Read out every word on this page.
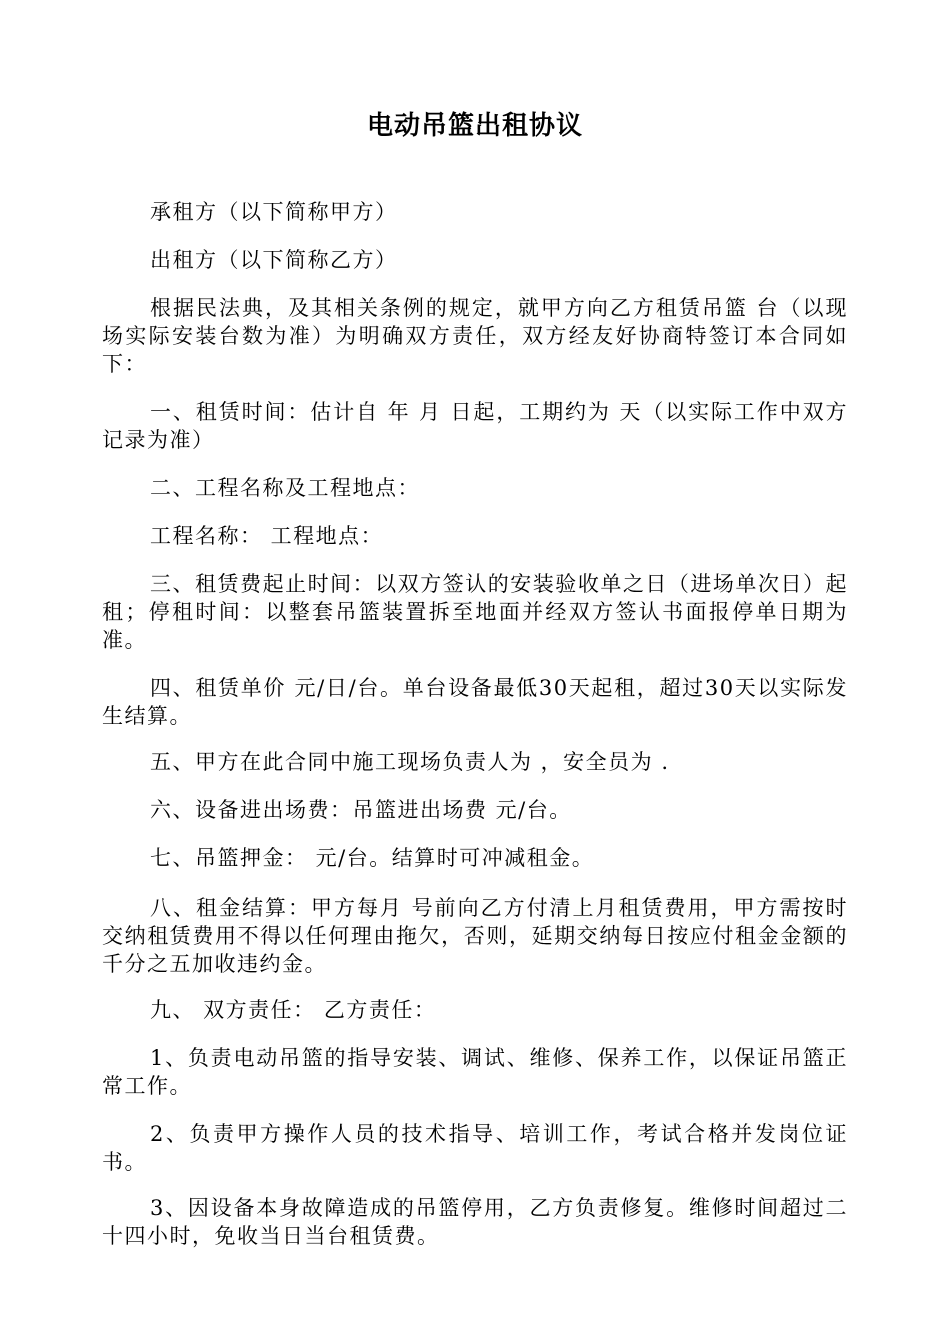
电动吊篮出租协议

承租方（以下简称甲方）

出租方（以下简称乙方）

根据民法典，及其相关条例的规定，就甲方向乙方租赁吊篮 台（以现场实际安装台数为准）为明确双方责任，双方经友好协商特签订本合同如下：

一、租赁时间：估计自 年 月 日起，工期约为 天（以实际工作中双方记录为准）

二、工程名称及工程地点：

工程名称： 工程地点：

三、租赁费起止时间：以双方签认的安装验收单之日（进场单次日）起租；停租时间：以整套吊篮装置拆至地面并经双方签认书面报停单日期为准。

四、租赁单价 元/日/台。单台设备最低30天起租，超过30天以实际发生结算。

五、甲方在此合同中施工现场负责人为 ，安全员为 .

六、设备进出场费：吊篮进出场费 元/台。

七、吊篮押金： 元/台。结算时可冲减租金。

八、租金结算：甲方每月 号前向乙方付清上月租赁费用，甲方需按时交纳租赁费用不得以任何理由拖欠，否则，延期交纳每日按应付租金金额的千分之五加收违约金。

九、 双方责任： 乙方责任：

1、负责电动吊篮的指导安装、调试、维修、保养工作，以保证吊篮正常工作。

2、负责甲方操作人员的技术指导、培训工作，考试合格并发岗位证书。

3、因设备本身故障造成的吊篮停用，乙方负责修复。维修时间超过二十四小时，免收当日当台租赁费。
